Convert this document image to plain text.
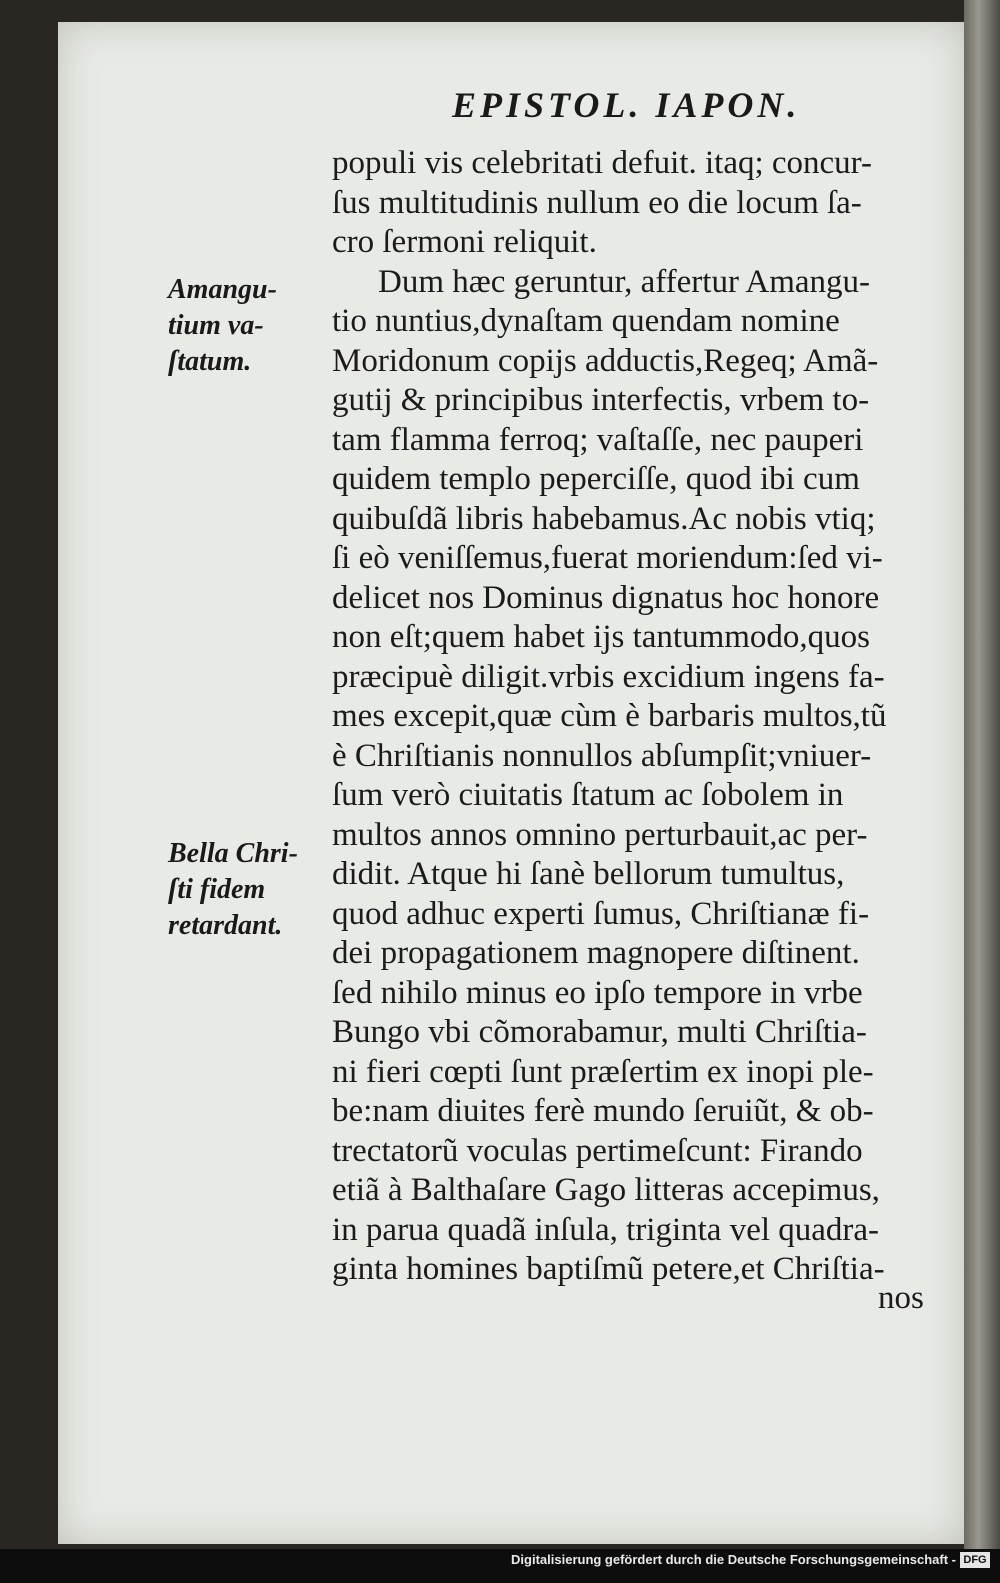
EPISTOL. IAPON.
populi vis celebritati defuit. itaq; concur-
ſus multitudinis nullum eo die locum ſa-
cro ſermoni reliquit.
Dum hæc geruntur, affertur Amangu-
tio nuntius,dynaſtam quendam nomine
Moridonum copijs adductis,Regeq; Amã-
gutij & principibus interfectis, vrbem to-
tam flamma ferroq; vaſtaſſe, nec pauperi
quidem templo peperciſſe, quod ibi cum
quibuſdã libris habebamus.Ac nobis vtiq;
ſi eò veniſſemus,fuerat moriendum:ſed vi-
delicet nos Dominus dignatus hoc honore
non eſt;quem habet ijs tantummodo,quos
præcipuè diligit.vrbis excidium ingens fa-
mes excepit,quæ cùm è barbaris multos,tũ
è Chriſtianis nonnullos abſumpſit;vniuer-
ſum verò ciuitatis ſtatum ac ſobolem in
multos annos omnino perturbauit,ac per-
didit. Atque hi ſanè bellorum tumultus,
quod adhuc experti ſumus, Chriſtianæ fi-
dei propagationem magnopere diſtinent.
ſed nihilo minus eo ipſo tempore in vrbe
Bungo vbi cõmorabamur, multi Chriſtia-
ni fieri cœpti ſunt præſertim ex inopi ple-
be:nam diuites ferè mundo ſeruiũt, & ob-
trectatorũ voculas pertimeſcunt: Firando
etiã à Balthaſare Gago litteras accepimus,
in parua quadã inſula, triginta vel quadra-
ginta homines baptiſmũ petere,et Chriſtia-
nos
Amangu-
tium va-
ſtatum.
Bella Chri-
ſti fidem
retardant.
Digitalisierung gefördert durch die Deutsche Forschungsgemeinschaft - DFG
